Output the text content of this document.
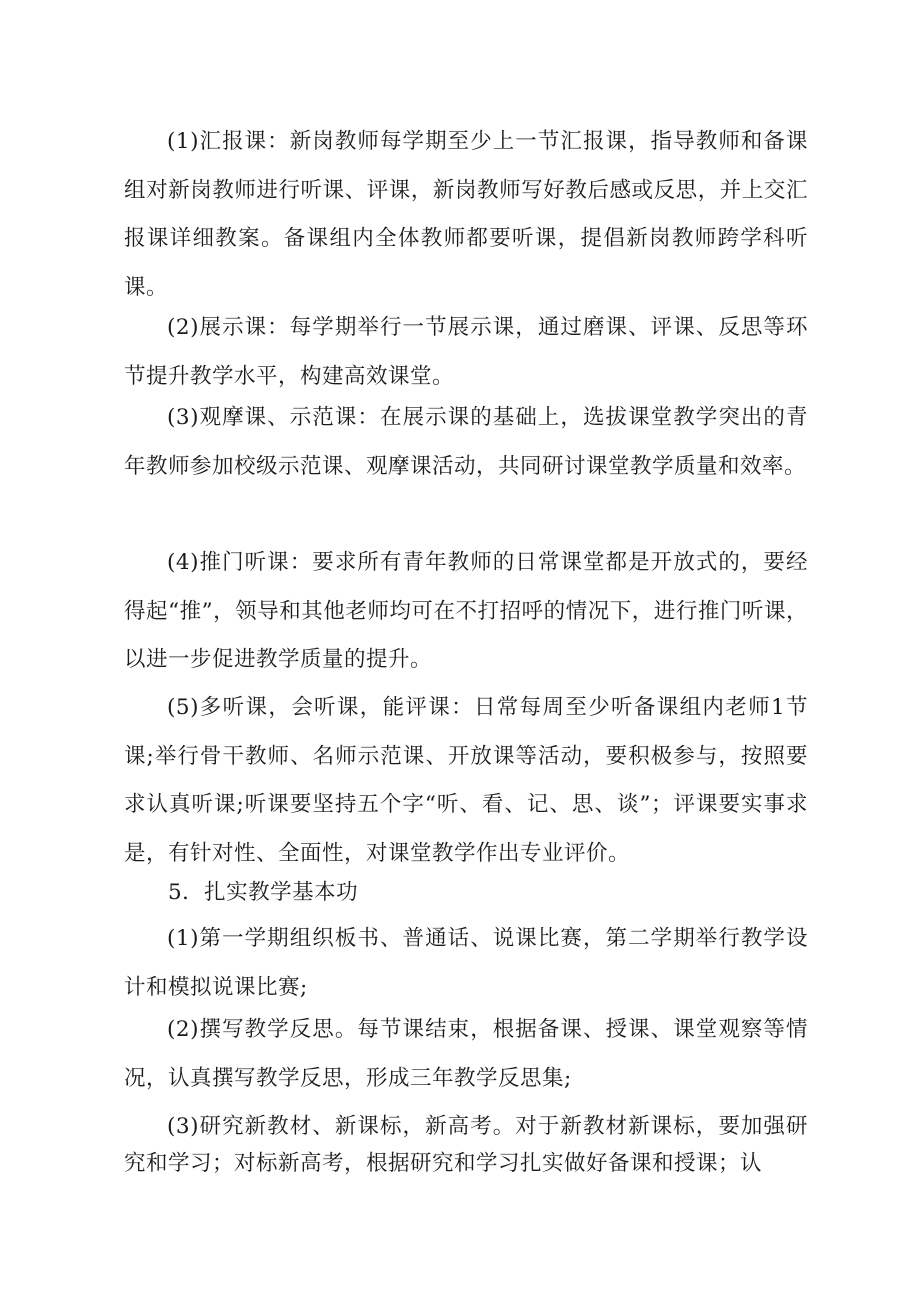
(1)汇报课：新岗教师每学期至少上一节汇报课，指导教师和备课组对新岗教师进行听课、评课，新岗教师写好教后感或反思，并上交汇报课详细教案。备课组内全体教师都要听课，提倡新岗教师跨学科听课。

(2)展示课：每学期举行一节展示课，通过磨课、评课、反思等环节提升教学水平，构建高效课堂。

(3)观摩课、示范课：在展示课的基础上，选拔课堂教学突出的青年教师参加校级示范课、观摩课活动，共同研讨课堂教学质量和效率。

(4)推门听课：要求所有青年教师的日常课堂都是开放式的，要经得起“推”，领导和其他老师均可在不打招呼的情况下，进行推门听课，以进一步促进教学质量的提升。

(5)多听课，会听课，能评课：日常每周至少听备课组内老师1节课;举行骨干教师、名师示范课、开放课等活动，要积极参与，按照要求认真听课;听课要坚持五个字“听、看、记、思、谈”；评课要实事求是，有针对性、全面性，对课堂教学作出专业评价。

5．扎实教学基本功

(1)第一学期组织板书、普通话、说课比赛，第二学期举行教学设计和模拟说课比赛;

(2)撰写教学反思。每节课结束，根据备课、授课、课堂观察等情况，认真撰写教学反思，形成三年教学反思集;

(3)研究新教材、新课标，新高考。对于新教材新课标，要加强研究和学习；对标新高考，根据研究和学习扎实做好备课和授课；认
